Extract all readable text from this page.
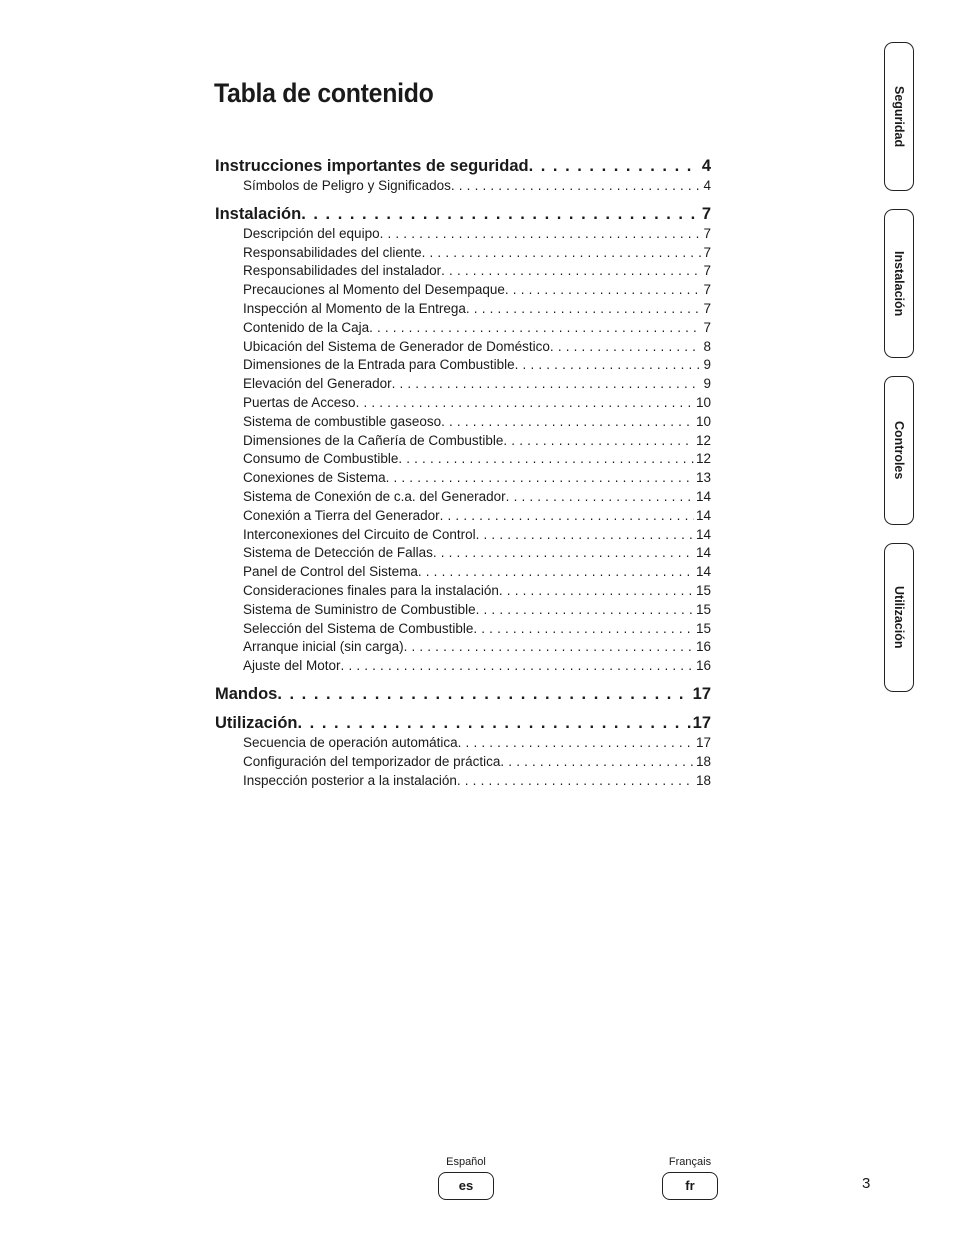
Tabla de contenido
Instrucciones importantes de seguridad . . .	4
Símbolos de Peligro y Significados . . .	4
Instalación . . .	7
Descripción del equipo . . .	7
Responsabilidades del cliente . . .	7
Responsabilidades del instalador . . .	7
Precauciones al Momento del Desempaque . . .	7
Inspección al Momento de la Entrega . . .	7
Contenido de la Caja . . .	7
Ubicación del Sistema de Generador de Doméstico . . .	8
Dimensiones de la Entrada para Combustible . . .	9
Elevación del Generador . . .	9
Puertas de Acceso . . .	10
Sistema de combustible gaseoso . . .	10
Dimensiones de la Cañería de Combustible . . .	12
Consumo de Combustible . . .	12
Conexiones de Sistema . . .	13
Sistema de Conexión de c.a. del Generador . . .	14
Conexión a Tierra del Generador . . .	14
Interconexiones del Circuito de Control . . .	14
Sistema de Detección de Fallas . . .	14
Panel de Control del Sistema . . .	14
Consideraciones finales para la instalación . . .	15
Sistema de Suministro de Combustible . . .	15
Selección del Sistema de Combustible . . .	15
Arranque inicial (sin carga) . . .	16
Ajuste del Motor . . .	16
Mandos . . .	17
Utilización . . .	17
Secuencia de operación automática . . .	17
Configuración del temporizador de práctica . . .	18
Inspección posterior a la instalación . . .	18
Seguridad
Instalación
Controles
Utilización
Español
es
Français
fr	3
